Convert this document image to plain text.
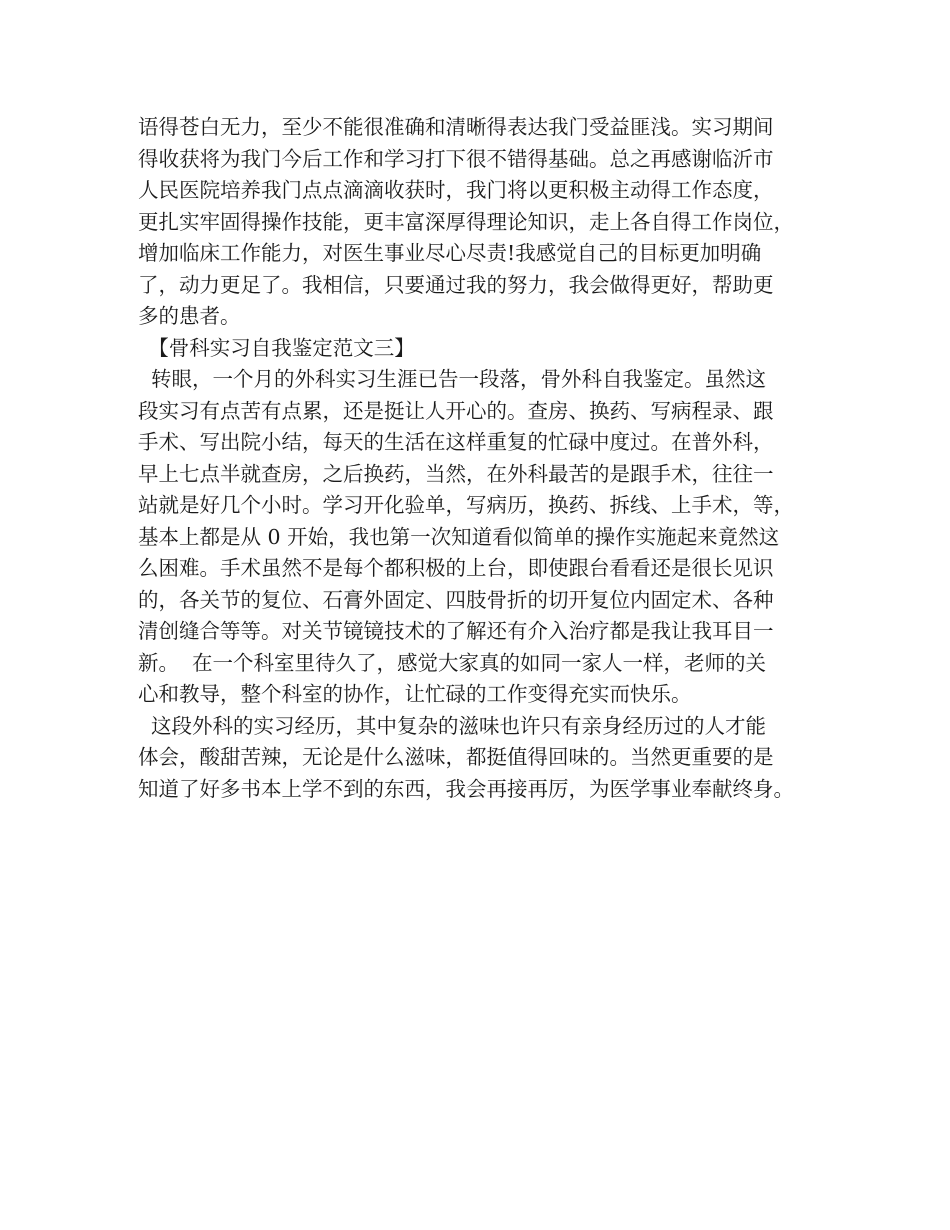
语得苍白无力，至少不能很准确和清晰得表达我门受益匪浅。实习期间
得收获将为我门今后工作和学习打下很不错得基础。总之再感谢临沂市
人民医院培养我门点点滴滴收获时，我门将以更积极主动得工作态度，
更扎实牢固得操作技能，更丰富深厚得理论知识，走上各自得工作岗位，
增加临床工作能力，对医生事业尽心尽责!我感觉自己的目标更加明确
了，动力更足了。我相信，只要通过我的努力，我会做得更好，帮助更
多的患者。
　【骨科实习自我鉴定范文三】
转眼，一个月的外科实习生涯已告一段落，骨外科自我鉴定。虽然这
段实习有点苦有点累，还是挺让人开心的。查房、换药、写病程录、跟
手术、写出院小结，每天的生活在这样重复的忙碌中度过。在普外科，
早上七点半就查房，之后换药，当然，在外科最苦的是跟手术，往往一
站就是好几个小时。学习开化验单，写病历，换药、拆线、上手术，等，
基本上都是从 0 开始，我也第一次知道看似简单的操作实施起来竟然这
么困难。手术虽然不是每个都积极的上台，即使跟台看看还是很长见识
的，各关节的复位、石膏外固定、四肢骨折的切开复位内固定术、各种
清创缝合等等。对关节镜镜技术的了解还有介入治疗都是我让我耳目一
新。  在一个科室里待久了，感觉大家真的如同一家人一样，老师的关
心和教导，整个科室的协作，让忙碌的工作变得充实而快乐。
这段外科的实习经历，其中复杂的滋味也许只有亲身经历过的人才能
体会，酸甜苦辣，无论是什么滋味，都挺值得回味的。当然更重要的是
知道了好多书本上学不到的东西，我会再接再厉，为医学事业奉献终身。
